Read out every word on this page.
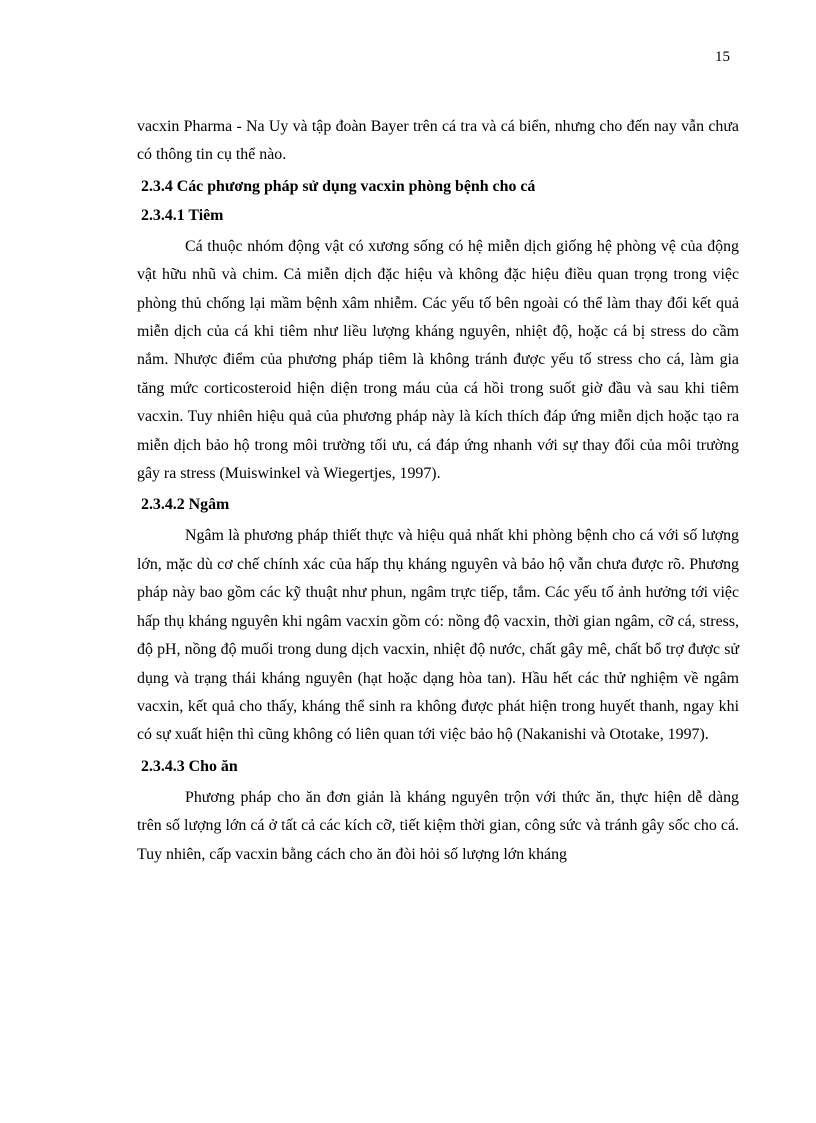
15

vacxin Pharma - Na Uy và tập đoàn Bayer trên cá tra và cá biển, nhưng cho đến nay vẫn chưa có thông tin cụ thể nào.

2.3.4 Các phương pháp sử dụng vacxin phòng bệnh cho cá
2.3.4.1 Tiêm

Cá thuộc nhóm động vật có xương sống có hệ miễn dịch giống hệ phòng vệ của động vật hữu nhũ và chim. Cả miễn dịch đặc hiệu và không đặc hiệu điều quan trọng trong việc phòng thủ chống lại mầm bệnh xâm nhiễm. Các yếu tố bên ngoài có thể làm thay đổi kết quả miễn dịch của cá khi tiêm như liều lượng kháng nguyên, nhiệt độ, hoặc cá bị stress do cầm nắm. Nhược điểm của phương pháp tiêm là không tránh được yếu tố stress cho cá, làm gia tăng mức corticosteroid hiện diện trong máu của cá hồi trong suốt giờ đầu và sau khi tiêm vacxin. Tuy nhiên hiệu quả của phương pháp này là kích thích đáp ứng miễn dịch hoặc tạo ra miễn dịch bảo hộ trong môi trường tối ưu, cá đáp ứng nhanh với sự thay đổi của môi trường gây ra stress (Muiswinkel và Wiegertjes, 1997).

2.3.4.2 Ngâm

Ngâm là phương pháp thiết thực và hiệu quả nhất khi phòng bệnh cho cá với số lượng lớn, mặc dù cơ chế chính xác của hấp thụ kháng nguyên và bảo hộ vẫn chưa được rõ. Phương pháp này bao gồm các kỹ thuật như phun, ngâm trực tiếp, tắm. Các yếu tố ảnh hưởng tới việc hấp thụ kháng nguyên khi ngâm vacxin gồm có: nồng độ vacxin, thời gian ngâm, cỡ cá, stress, độ pH, nồng độ muối trong dung dịch vacxin, nhiệt độ nước, chất gây mê, chất bổ trợ được sử dụng và trạng thái kháng nguyên (hạt hoặc dạng hòa tan). Hầu hết các thử nghiệm về ngâm vacxin, kết quả cho thấy, kháng thể sinh ra không được phát hiện trong huyết thanh, ngay khi có sự xuất hiện thì cũng không có liên quan tới việc bảo hộ (Nakanishi và Ototake, 1997).

2.3.4.3 Cho ăn

Phương pháp cho ăn đơn giản là kháng nguyên trộn với thức ăn, thực hiện dễ dàng trên số lượng lớn cá ở tất cả các kích cỡ, tiết kiệm thời gian, công sức và tránh gây sốc cho cá. Tuy nhiên, cấp vacxin bằng cách cho ăn đòi hỏi số lượng lớn kháng
